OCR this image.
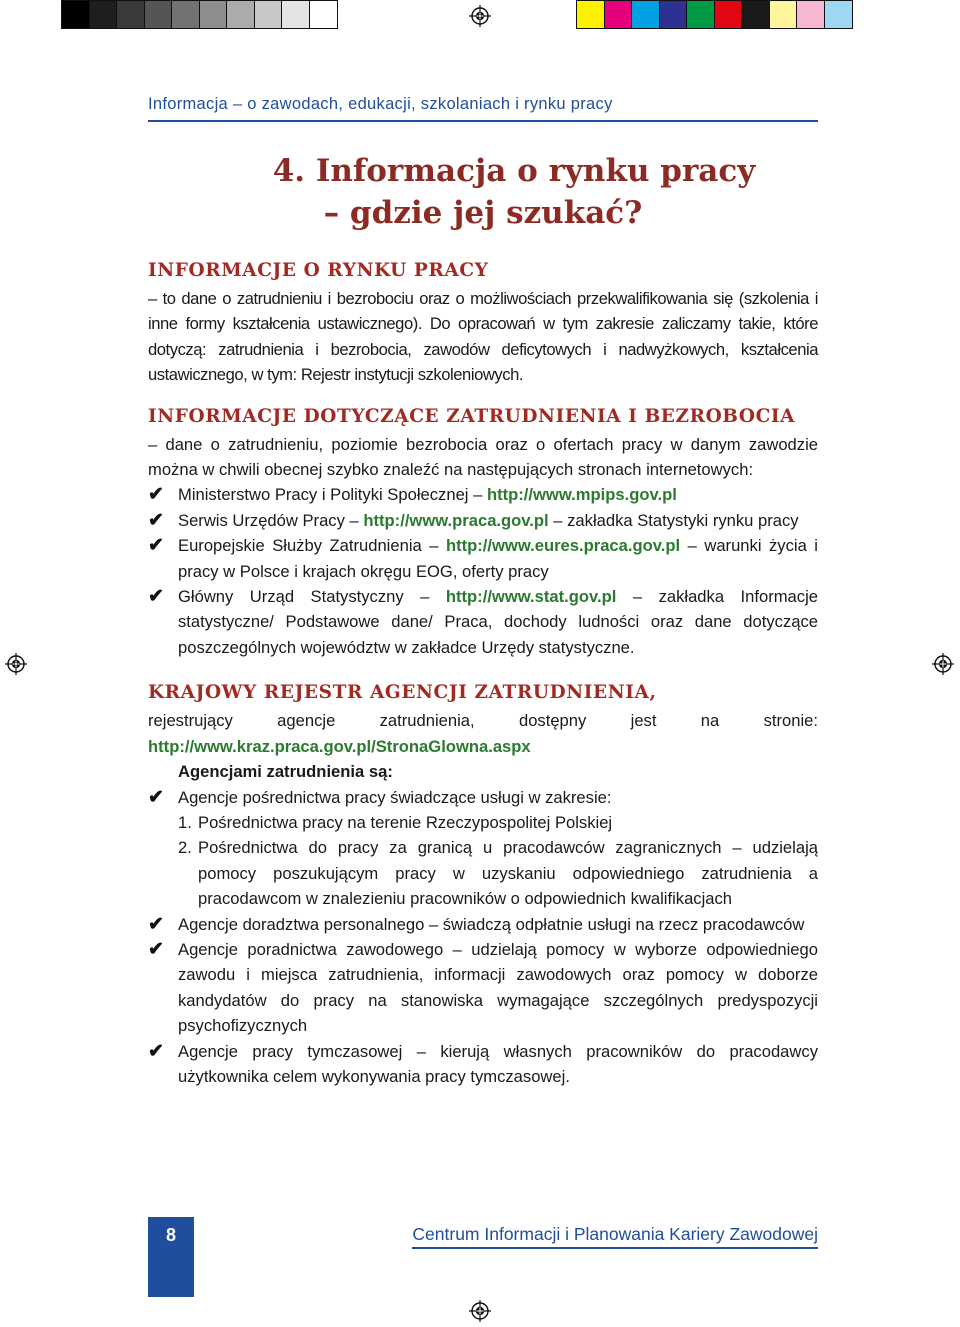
Informacja – o zawodach, edukacji, szkolaniach i rynku pracy
4. Informacja o rynku pracy
– gdzie jej szukać?
INFORMACJE O RYNKU PRACY

– to dane o zatrudnieniu i bezrobociu oraz o możliwościach przekwalifikowania się (szkolenia i inne formy kształcenia ustawicznego). Do opracowań w tym zakresie zaliczamy takie, które dotyczą: zatrudnienia i bezrobocia, zawodów deficytowych i nadwyżkowych, kształcenia ustawicznego, w tym: Rejestr instytucji szkoleniowych.

INFORMACJE DOTYCZĄCE ZATRUDNIENIA I BEZROBOCIA

– dane o zatrudnieniu, poziomie bezrobocia oraz o ofertach pracy w danym zawodzie można w chwili obecnej szybko znaleźć na następujących stronach internetowych:

✔ Ministerstwo Pracy i Polityki Społecznej – http://www.mpips.gov.pl
✔ Serwis Urzędów Pracy – http://www.praca.gov.pl – zakładka Statystyki rynku pracy
✔ Europejskie Służby Zatrudnienia – http://www.eures.praca.gov.pl – warunki życia i pracy w Polsce i krajach okręgu EOG, oferty pracy
✔ Główny Urząd Statystyczny – http://www.stat.gov.pl – zakładka Informacje statystyczne/ Podstawowe dane/ Praca, dochody ludności oraz dane dotyczące poszczególnych województw w zakładce Urzędy statystyczne.
KRAJOWY REJESTR AGENCJI ZATRUDNIENIA,

rejestrujący agencje zatrudnienia, dostępny jest na stronie: http://www.kraz.praca.gov.pl/StronaGlowna.aspx

Agencjami zatrudnienia są:
✔ Agencje pośrednictwa pracy świadczące usługi w zakresie:
1. Pośrednictwa pracy na terenie Rzeczypospolitej Polskiej
2. Pośrednictwa do pracy za granicą u pracodawców zagranicznych – udzielają pomocy poszukującym pracy w uzyskaniu odpowiedniego zatrudnienia a pracodawcom w znalezieniu pracowników o odpowiednich kwalifikacjach
✔ Agencje doradztwa personalnego – świadczą odpłatnie usługi na rzecz pracodawców
✔ Agencje poradnictwa zawodowego – udzielają pomocy w wyborze odpowiedniego zawodu i miejsca zatrudnienia, informacji zawodowych oraz pomocy w doborze kandydatów do pracy na stanowiska wymagające szczególnych predyspozycji psychofizycznych
✔ Agencje pracy tymczasowej – kierują własnych pracowników do pracodawcy użytkownika celem wykonywania pracy tymczasowej.
8	Centrum Informacji i Planowania Kariery Zawodowej
